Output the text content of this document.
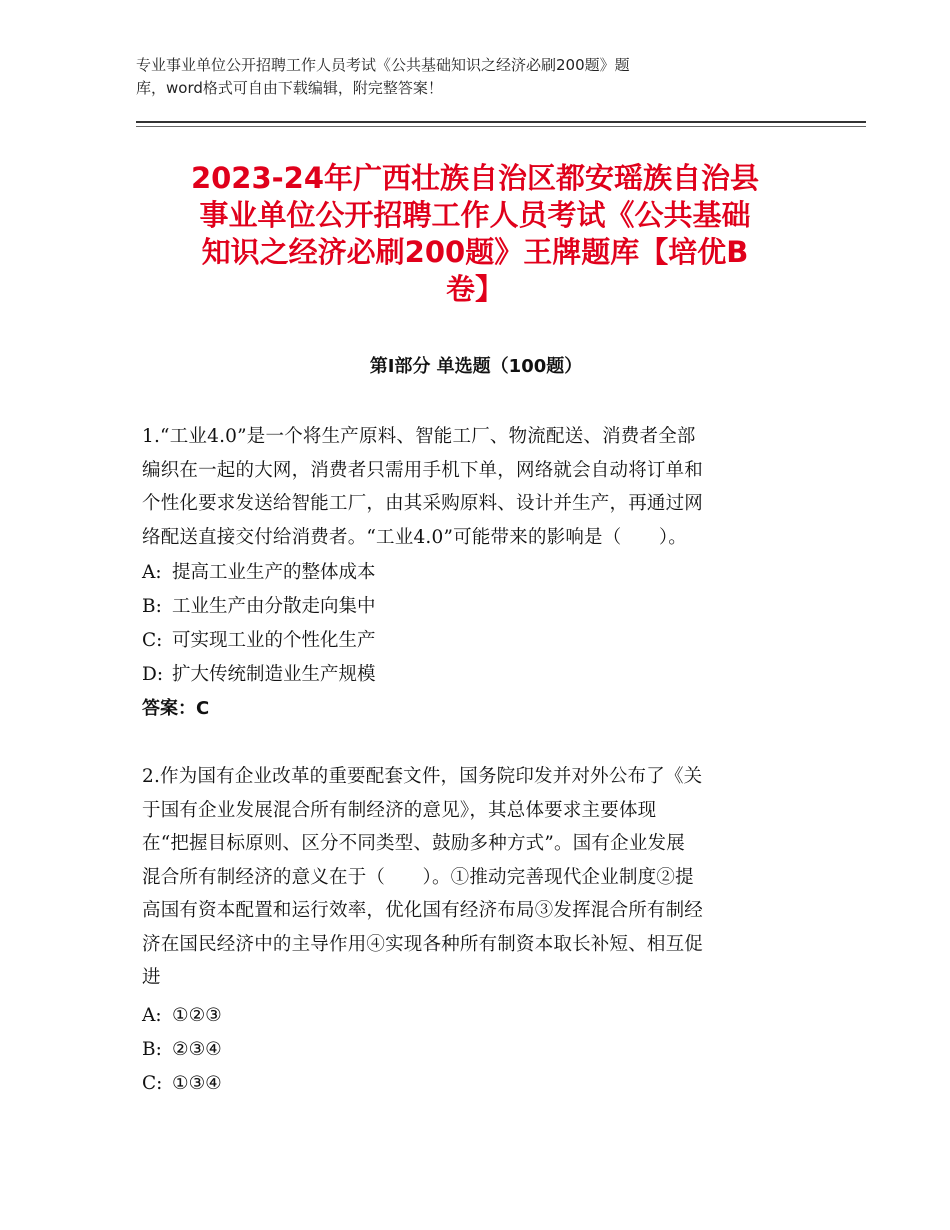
专业事业单位公开招聘工作人员考试《公共基础知识之经济必刷200题》题
库，word格式可自由下载编辑，附完整答案！
2023-24年广西壮族自治区都安瑶族自治县
事业单位公开招聘工作人员考试《公共基础
知识之经济必刷200题》王牌题库【培优B
卷】
第Ⅰ部分 单选题（100题）
1.“工业4.0”是一个将生产原料、智能工厂、物流配送、消费者全部
编织在一起的大网，消费者只需用手机下单，网络就会自动将订单和
个性化要求发送给智能工厂，由其采购原料、设计并生产，再通过网
络配送直接交付给消费者。“工业4.0”可能带来的影响是（　　）。
A: 提高工业生产的整体成本
B: 工业生产由分散走向集中
C: 可实现工业的个性化生产
D: 扩大传统制造业生产规模
答案：C
2.作为国有企业改革的重要配套文件，国务院印发并对外公布了《关
于国有企业发展混合所有制经济的意见》，其总体要求主要体现
在“把握目标原则、区分不同类型、鼓励多种方式”。国有企业发展
混合所有制经济的意义在于（　　）。①推动完善现代企业制度②提
高国有资本配置和运行效率，优化国有经济布局③发挥混合所有制经
济在国民经济中的主导作用④实现各种所有制资本取长补短、相互促
进
A: ①②③
B: ②③④
C: ①③④
